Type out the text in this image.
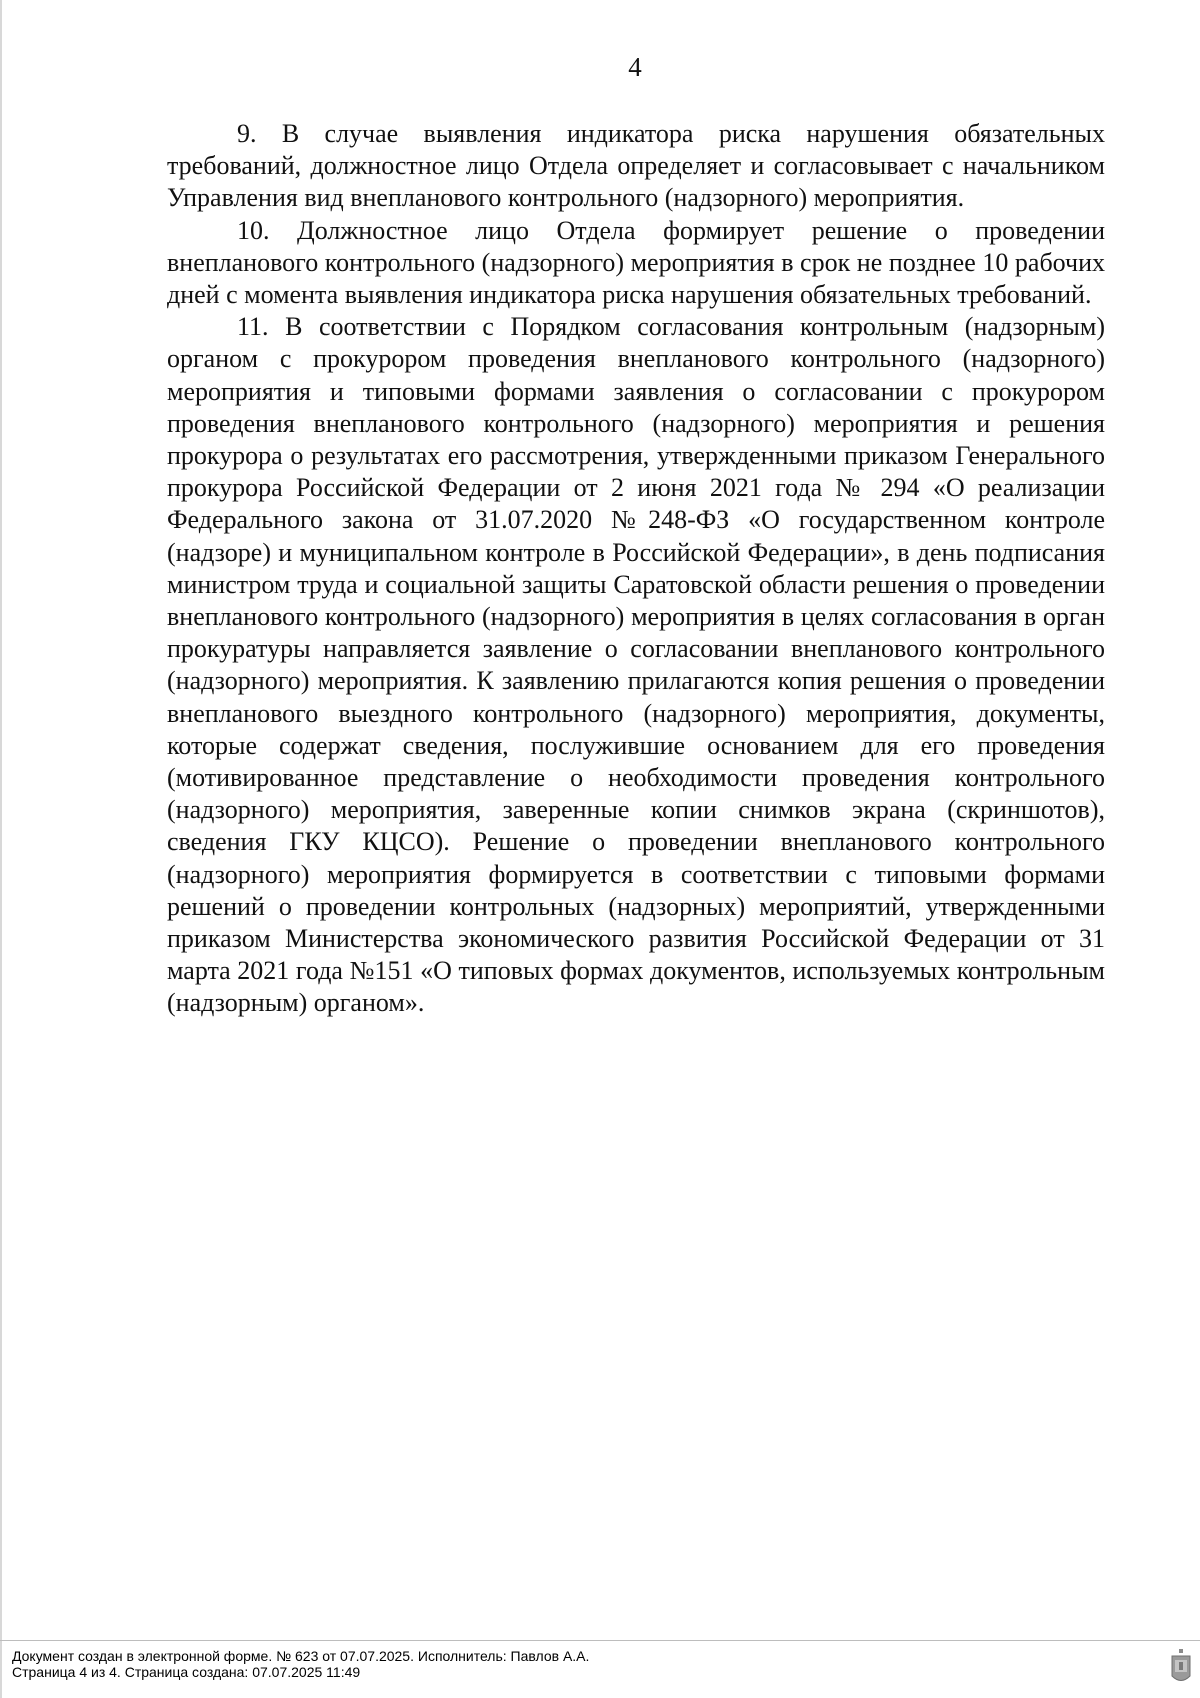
4

9. В случае выявления индикатора риска нарушения обязательных требований, должностное лицо Отдела определяет и согласовывает с начальником Управления вид внепланового контрольного (надзорного) мероприятия.

10. Должностное лицо Отдела формирует решение о проведении внепланового контрольного (надзорного) мероприятия в срок не позднее 10 рабочих дней с момента выявления индикатора риска нарушения обязательных требований.

11. В соответствии с Порядком согласования контрольным (надзорным) органом с прокурором проведения внепланового контрольного (надзорного) мероприятия и типовыми формами заявления о согласовании с прокурором проведения внепланового контрольного (надзорного) мероприятия и решения прокурора о результатах его рассмотрения, утвержденными приказом Генерального прокурора Российской Федерации от 2 июня 2021 года № 294 «О реализации Федерального закона от 31.07.2020 №248-ФЗ «О государственном контроле (надзоре) и муниципальном контроле в Российской Федерации», в день подписания министром труда и социальной защиты Саратовской области решения о проведении внепланового контрольного (надзорного) мероприятия в целях согласования в орган прокуратуры направляется заявление о согласовании внепланового контрольного (надзорного) мероприятия. К заявлению прилагаются копия решения о проведении внепланового выездного контрольного (надзорного) мероприятия, документы, которые содержат сведения, послужившие основанием для его проведения (мотивированное представление о необходимости проведения контрольного (надзорного) мероприятия, заверенные копии снимков экрана (скриншотов), сведения ГКУ КЦСО). Решение о проведении внепланового контрольного (надзорного) мероприятия формируется в соответствии с типовыми формами решений о проведении контрольных (надзорных) мероприятий, утвержденными приказом Министерства экономического развития Российской Федерации от 31 марта 2021 года №151 «О типовых формах документов, используемых контрольным (надзорным) органом».

Документ создан в электронной форме. № 623 от 07.07.2025. Исполнитель: Павлов А.А.
Страница 4 из 4. Страница создана: 07.07.2025 11:49
